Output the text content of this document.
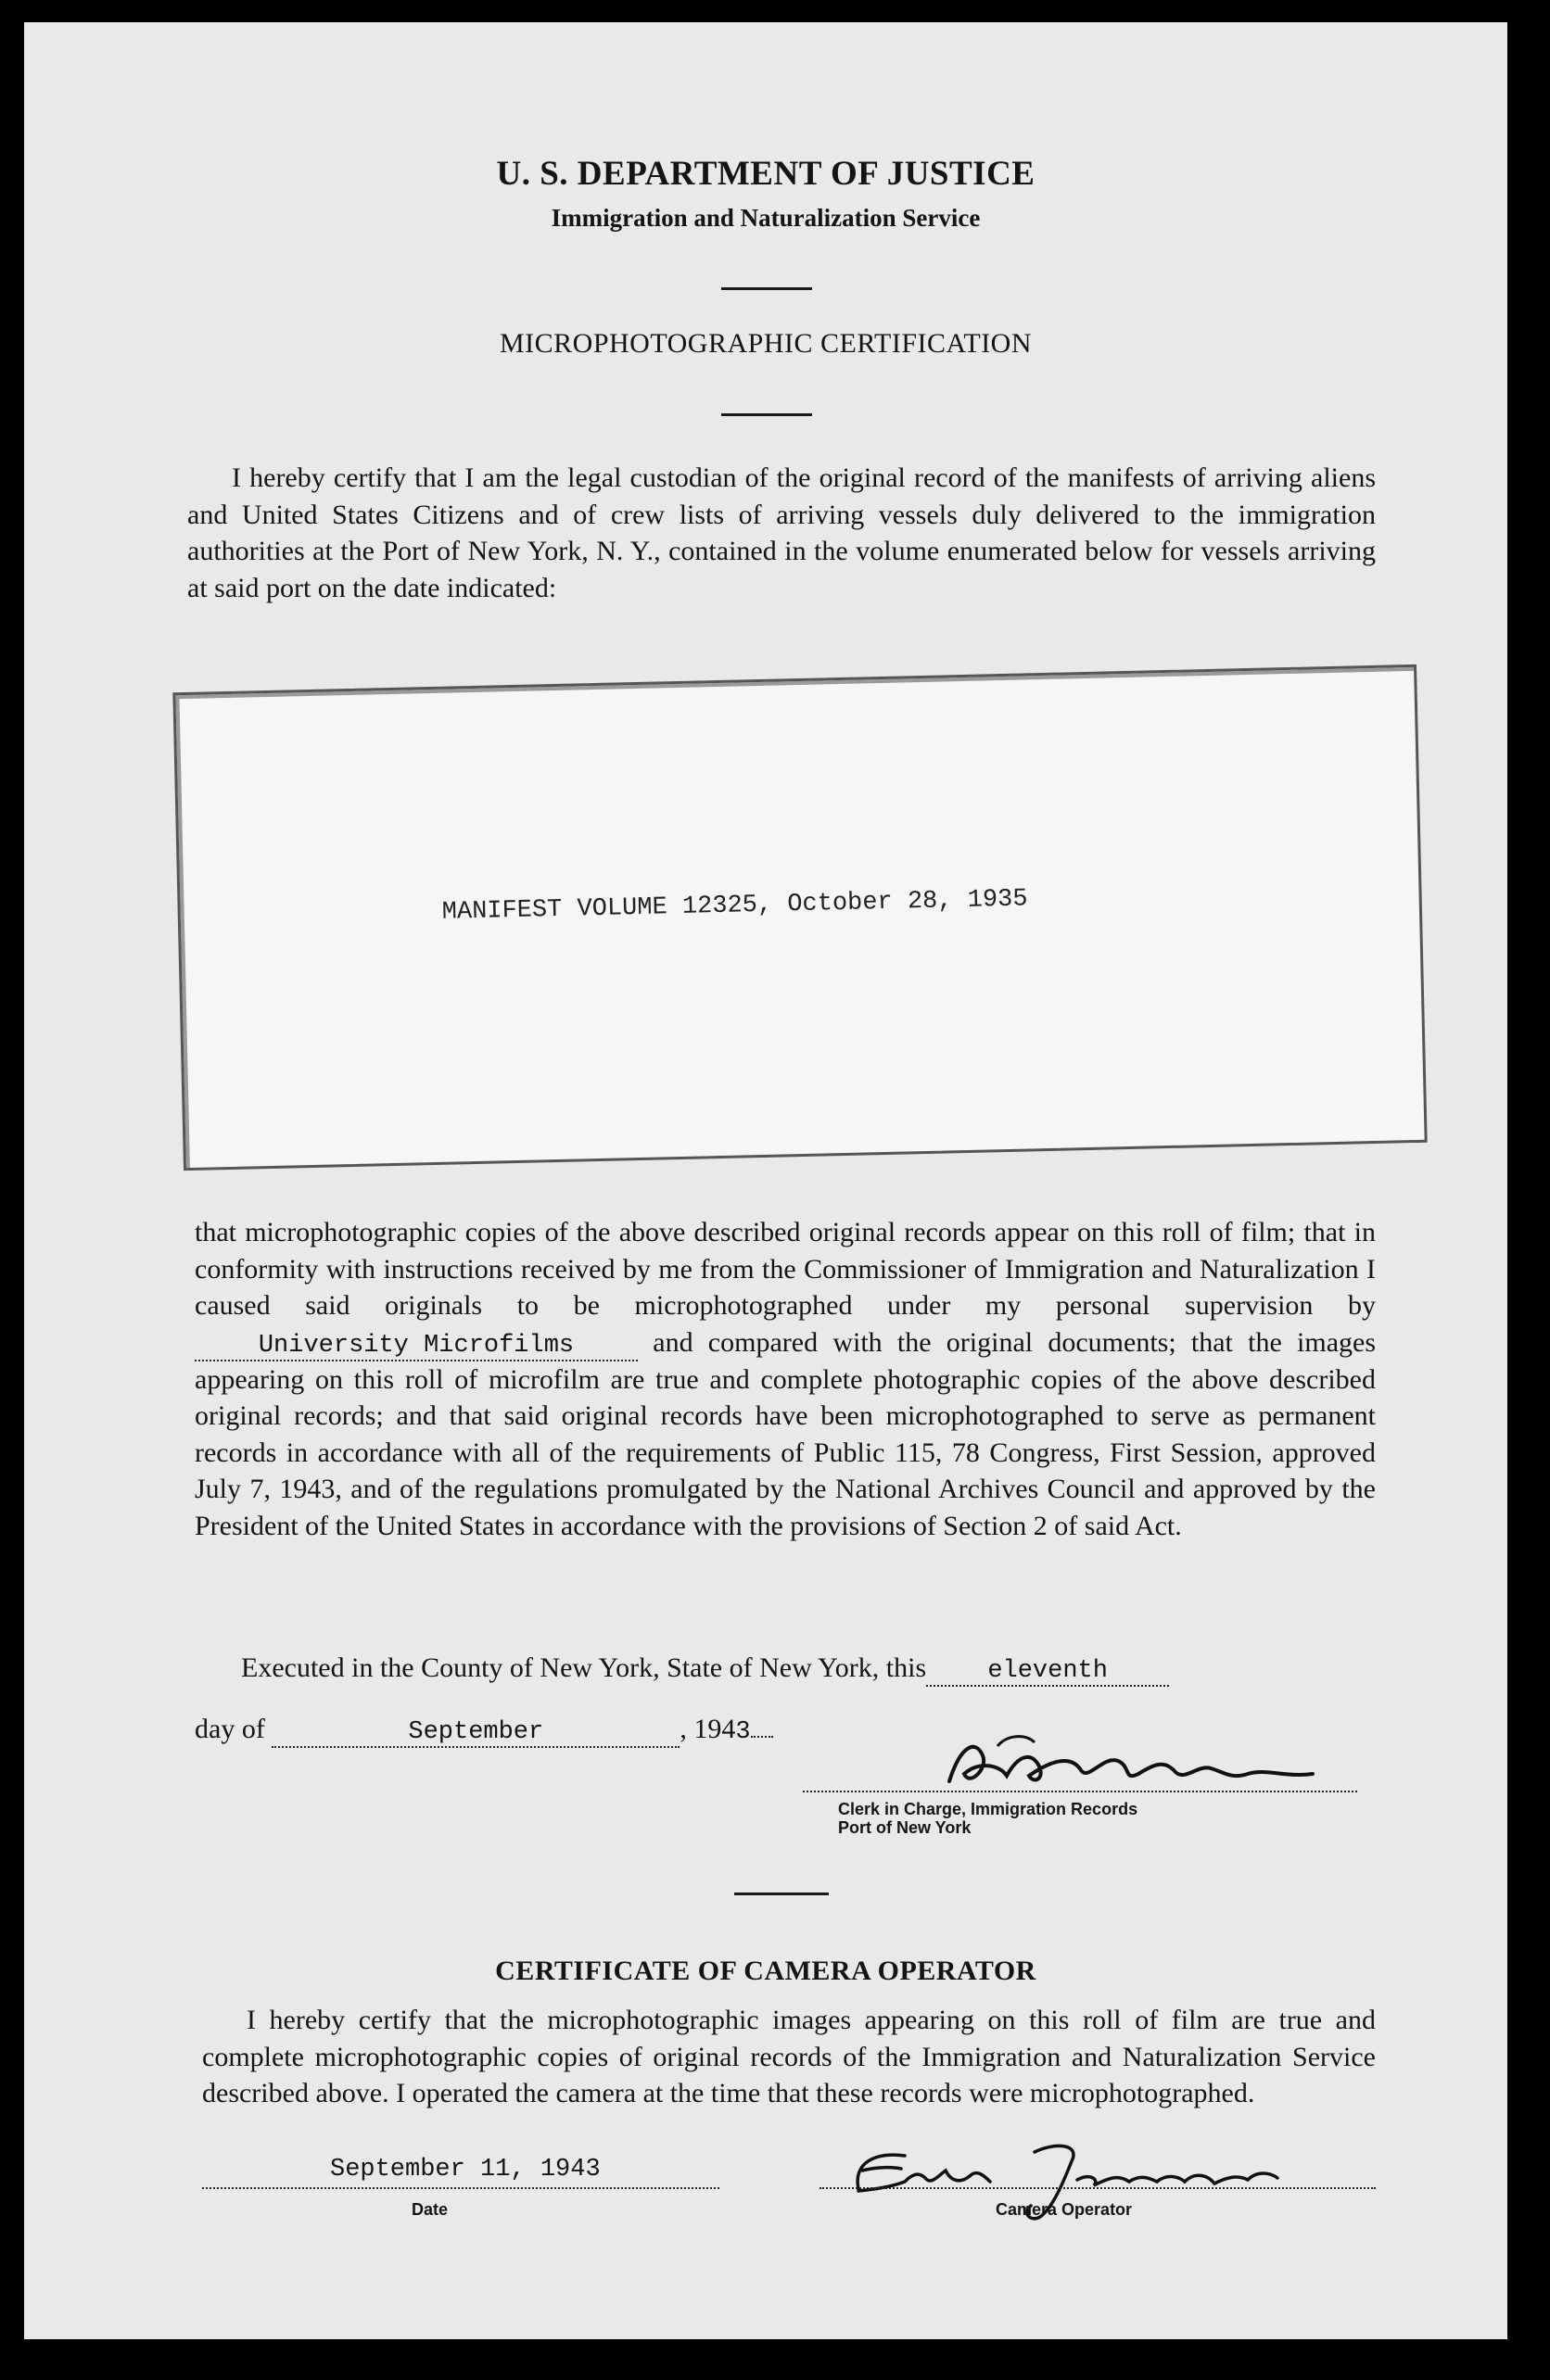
U. S. DEPARTMENT OF JUSTICE
Immigration and Naturalization Service
MICROPHOTOGRAPHIC CERTIFICATION

I hereby certify that I am the legal custodian of the original record of the manifests of arriving aliens and United States Citizens and of crew lists of arriving vessels duly delivered to the immigration authorities at the Port of New York, N. Y., contained in the volume enumerated below for vessels arriving at said port on the date indicated:

MANIFEST VOLUME 12325, October 28, 1935

that microphotographic copies of the above described original records appear on this roll of film; that in conformity with instructions received by me from the Commissioner of Immigration and Naturalization I caused said originals to be microphotographed under my personal supervision by University Microfilms	and compared with the original documents; that the images appearing on this roll of microfilm are true and complete photographic copies of the above described original records; and that said original records have been microphotographed to serve as permanent records in accordance with all of the requirements of Public 115, 78 Congress, First Session, approved July 7, 1943, and of the regulations promulgated by the National Archives Council and approved by the President of the United States in accordance with the provisions of Section 2 of said Act.

Executed in the County of New York, State of New York, this eleventh
day of	September	, 1943
Clerk in Charge, Immigration Records
Port of New York
CERTIFICATE OF CAMERA OPERATOR

I hereby certify that the microphotographic images appearing on this roll of film are true and complete microphotographic copies of original records of the Immigration and Naturalization Service described above. I operated the camera at the time that these records were microphotographed.

September 11, 1943
Date	Camera Operator
